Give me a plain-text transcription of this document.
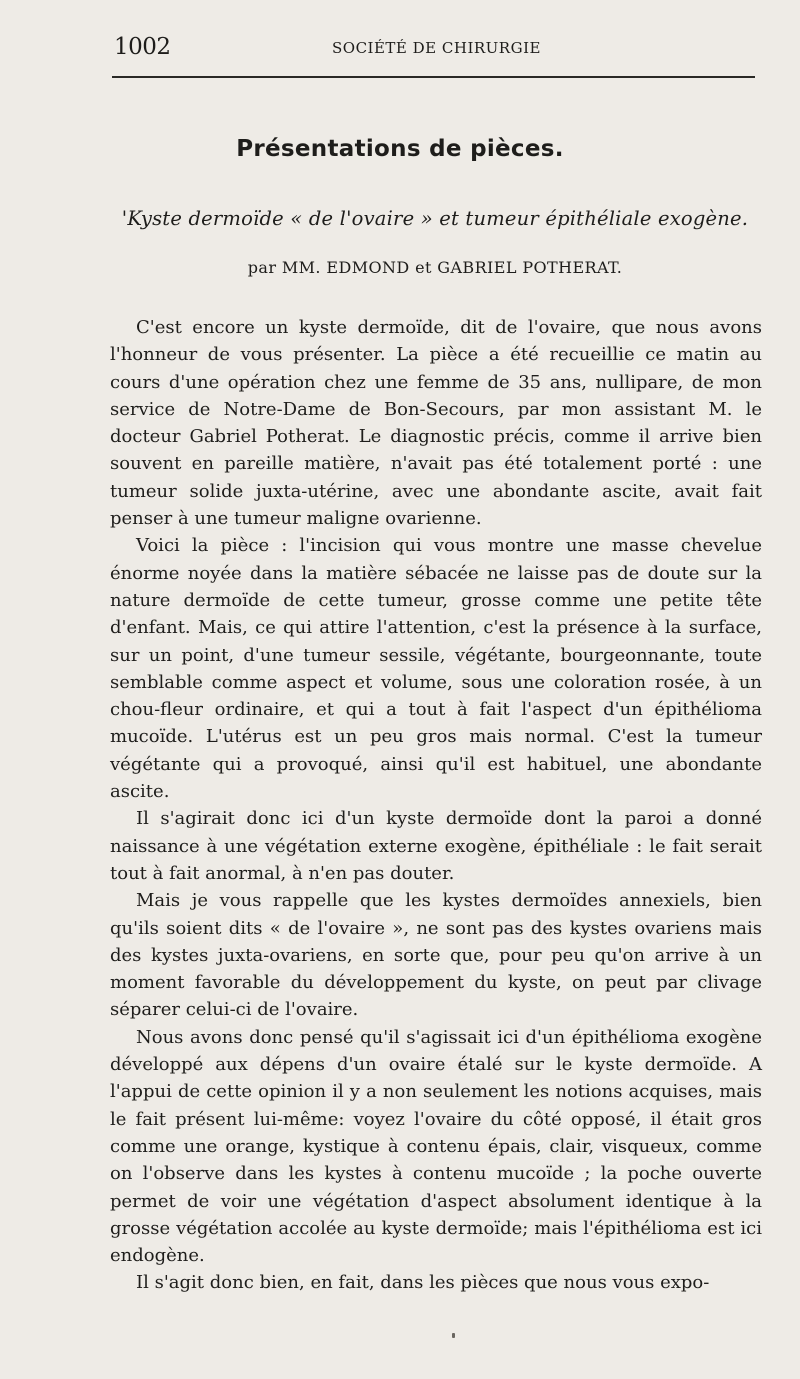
1002	SOCIÉTÉ DE CHIRURGIE
Présentations de pièces.
'Kyste dermoïde « de l'ovaire » et tumeur épithéliale exogène.
par MM. EDMOND et GABRIEL POTHERAT.

C'est encore un kyste dermoïde, dit de l'ovaire, que nous avons l'honneur de vous présenter. La pièce a été recueillie ce matin au cours d'une opération chez une femme de 35 ans, nullipare, de mon service de Notre-Dame de Bon-Secours, par mon assistant M. le docteur Gabriel Potherat. Le diagnostic précis, comme il arrive bien souvent en pareille matière, n'avait pas été totalement porté : une tumeur solide juxta-utérine, avec une abondante ascite, avait fait penser à une tumeur maligne ovarienne.

Voici la pièce : l'incision qui vous montre une masse chevelue énorme noyée dans la matière sébacée ne laisse pas de doute sur la nature dermoïde de cette tumeur, grosse comme une petite tête d'enfant. Mais, ce qui attire l'attention, c'est la présence à la surface, sur un point, d'une tumeur sessile, végétante, bourgeonnante, toute semblable comme aspect et volume, sous une coloration rosée, à un chou-fleur ordinaire, et qui a tout à fait l'aspect d'un épithélioma mucoïde. L'utérus est un peu gros mais normal. C'est la tumeur végétante qui a provoqué, ainsi qu'il est habituel, une abondante ascite.

Il s'agirait donc ici d'un kyste dermoïde dont la paroi a donné naissance à une végétation externe exogène, épithéliale : le fait serait tout à fait anormal, à n'en pas douter.

Mais je vous rappelle que les kystes dermoïdes annexiels, bien qu'ils soient dits « de l'ovaire », ne sont pas des kystes ovariens mais des kystes juxta-ovariens, en sorte que, pour peu qu'on arrive à un moment favorable du développement du kyste, on peut par clivage séparer celui-ci de l'ovaire.

Nous avons donc pensé qu'il s'agissait ici d'un épithélioma exogène développé aux dépens d'un ovaire étalé sur le kyste dermoïde. A l'appui de cette opinion il y a non seulement les notions acquises, mais le fait présent lui-même: voyez l'ovaire du côté opposé, il était gros comme une orange, kystique à contenu épais, clair, visqueux, comme on l'observe dans les kystes à contenu mucoïde ; la poche ouverte permet de voir une végétation d'aspect absolument identique à la grosse végétation accolée au kyste dermoïde; mais l'épithélioma est ici endogène.

Il s'agit donc bien, en fait, dans les pièces que nous vous expo-
